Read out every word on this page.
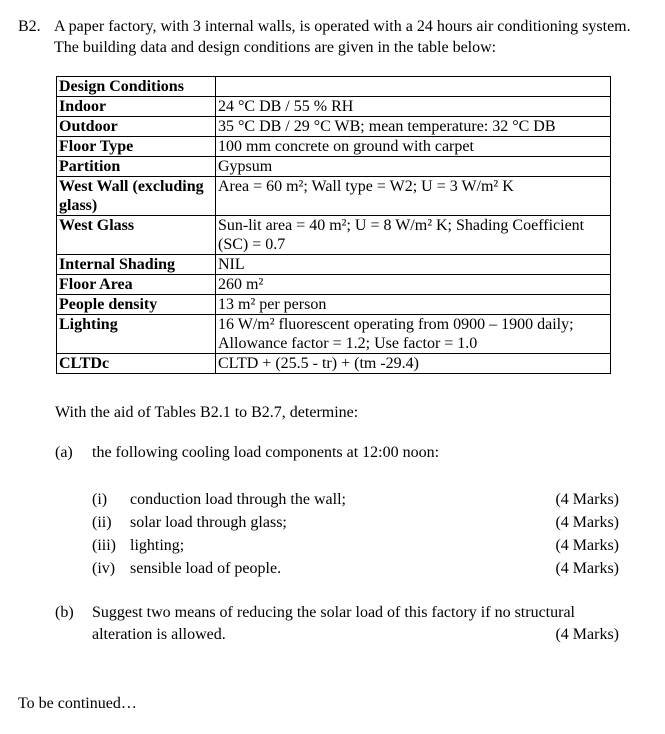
B2. A paper factory, with 3 internal walls, is operated with a 24 hours air conditioning system. The building data and design conditions are given in the table below:
Design Conditions	
Indoor	24 °C DB / 55 % RH
Outdoor	35 °C DB / 29 °C WB; mean temperature: 32 °C DB
Floor Type	100 mm concrete on ground with carpet
Partition	Gypsum
West Wall (excluding glass)	Area = 60 m²; Wall type = W2; U = 3 W/m² K
West Glass	Sun-lit area = 40 m²; U = 8 W/m² K; Shading Coefficient (SC) = 0.7
Internal Shading	NIL
Floor Area	260 m²
People density	13 m² per person
Lighting	16 W/m² fluorescent operating from 0900 – 1900 daily; Allowance factor = 1.2; Use factor = 1.0
CLTDc	CLTD + (25.5 - tr) + (tm -29.4)
With the aid of Tables B2.1 to B2.7, determine:
(a) the following cooling load components at 12:00 noon:
(i) conduction load through the wall;	(4 Marks)
(ii) solar load through glass;	(4 Marks)
(iii) lighting;	(4 Marks)
(iv) sensible load of people.	(4 Marks)
(b) Suggest two means of reducing the solar load of this factory if no structural alteration is allowed.	(4 Marks)
To be continued…
